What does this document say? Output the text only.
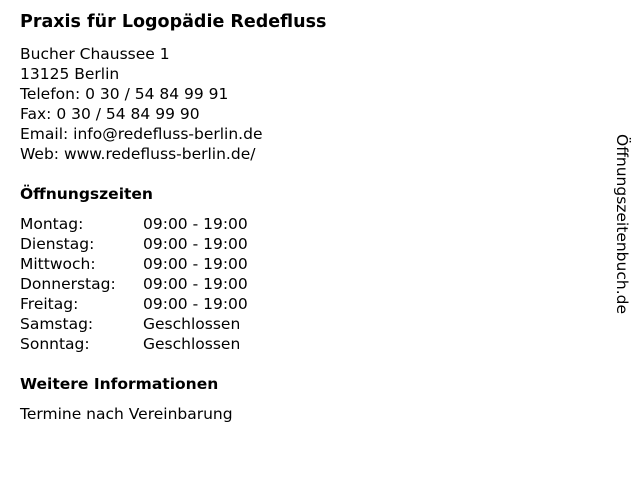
Praxis für Logopädie Redefluss
Bucher Chaussee 1
13125 Berlin
Telefon: 0 30 / 54 84 99 91
Fax: 0 30 / 54 84 99 90
Email: info@redefluss-berlin.de
Web: www.redefluss-berlin.de/
Öffnungszeiten
Montag:	09:00 - 19:00
Dienstag:	09:00 - 19:00
Mittwoch:	09:00 - 19:00
Donnerstag: 09:00 - 19:00
Freitag:	09:00 - 19:00
Samstag:	Geschlossen
Sonntag:	Geschlossen
Weitere Informationen
Termine nach Vereinbarung
Öffnungszeitenbuch.de
